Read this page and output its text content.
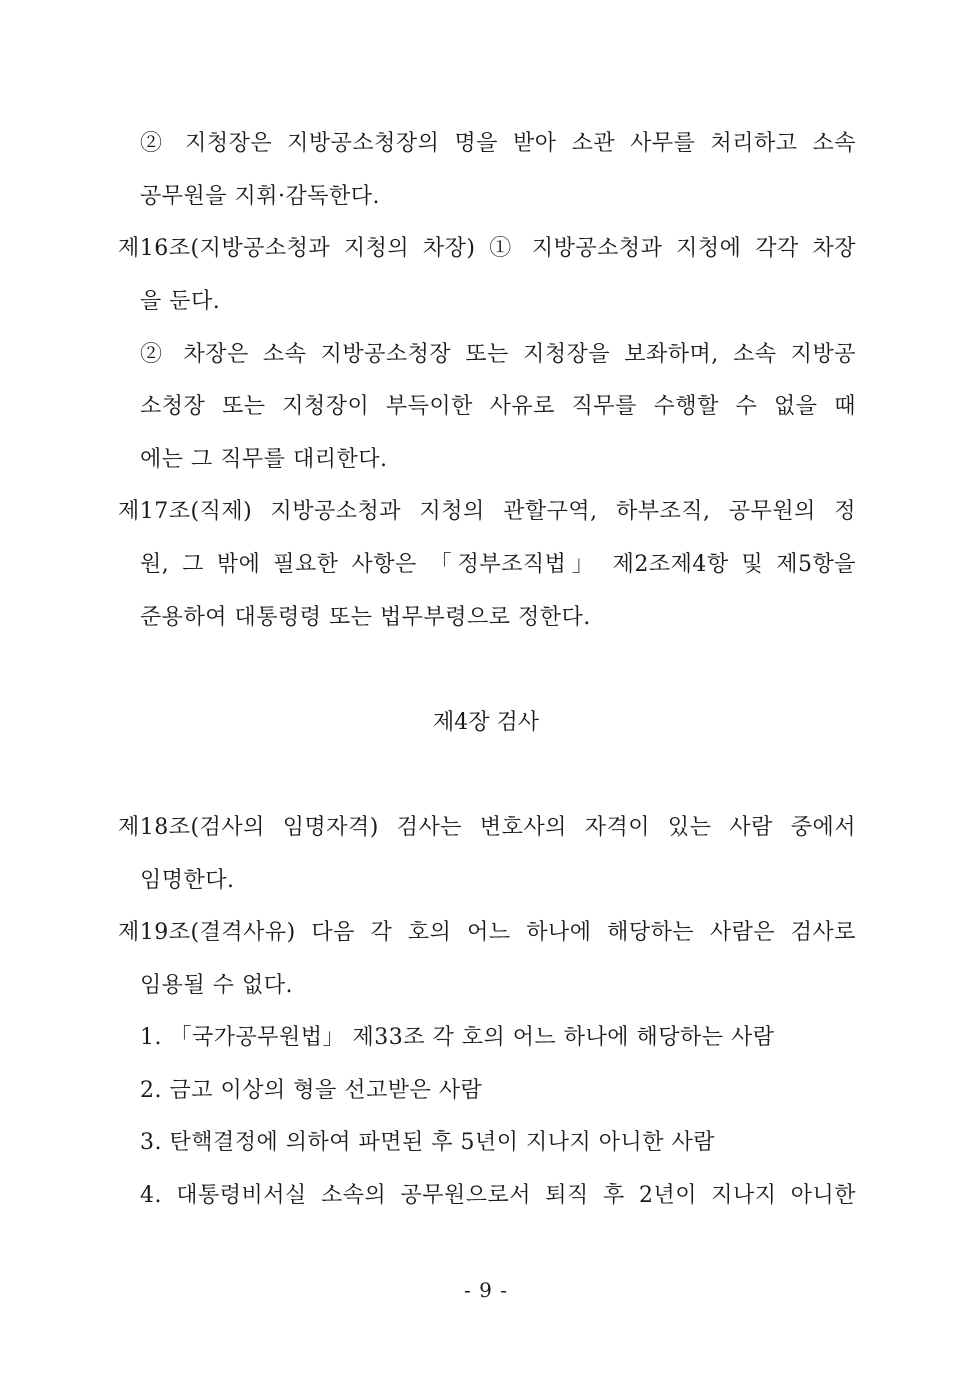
② 지청장은 지방공소청장의 명을 받아 소관 사무를 처리하고 소속
공무원을 지휘·감독한다.
제16조(지방공소청과 지청의 차장) ① 지방공소청과 지청에 각각 차장
을 둔다.
② 차장은 소속 지방공소청장 또는 지청장을 보좌하며, 소속 지방공
소청장 또는 지청장이 부득이한 사유로 직무를 수행할 수 없을 때
에는 그 직무를 대리한다.
제17조(직제) 지방공소청과 지청의 관할구역, 하부조직, 공무원의 정
원, 그 밖에 필요한 사항은 「정부조직법」 제2조제4항 및 제5항을
준용하여 대통령령 또는 법무부령으로 정한다.
제4장 검사
제18조(검사의 임명자격) 검사는 변호사의 자격이 있는 사람 중에서
임명한다.
제19조(결격사유) 다음 각 호의 어느 하나에 해당하는 사람은 검사로
임용될 수 없다.
1. 「국가공무원법」 제33조 각 호의 어느 하나에 해당하는 사람
2. 금고 이상의 형을 선고받은 사람
3. 탄핵결정에 의하여 파면된 후 5년이 지나지 아니한 사람
4. 대통령비서실 소속의 공무원으로서 퇴직 후 2년이 지나지 아니한
- 9 -
